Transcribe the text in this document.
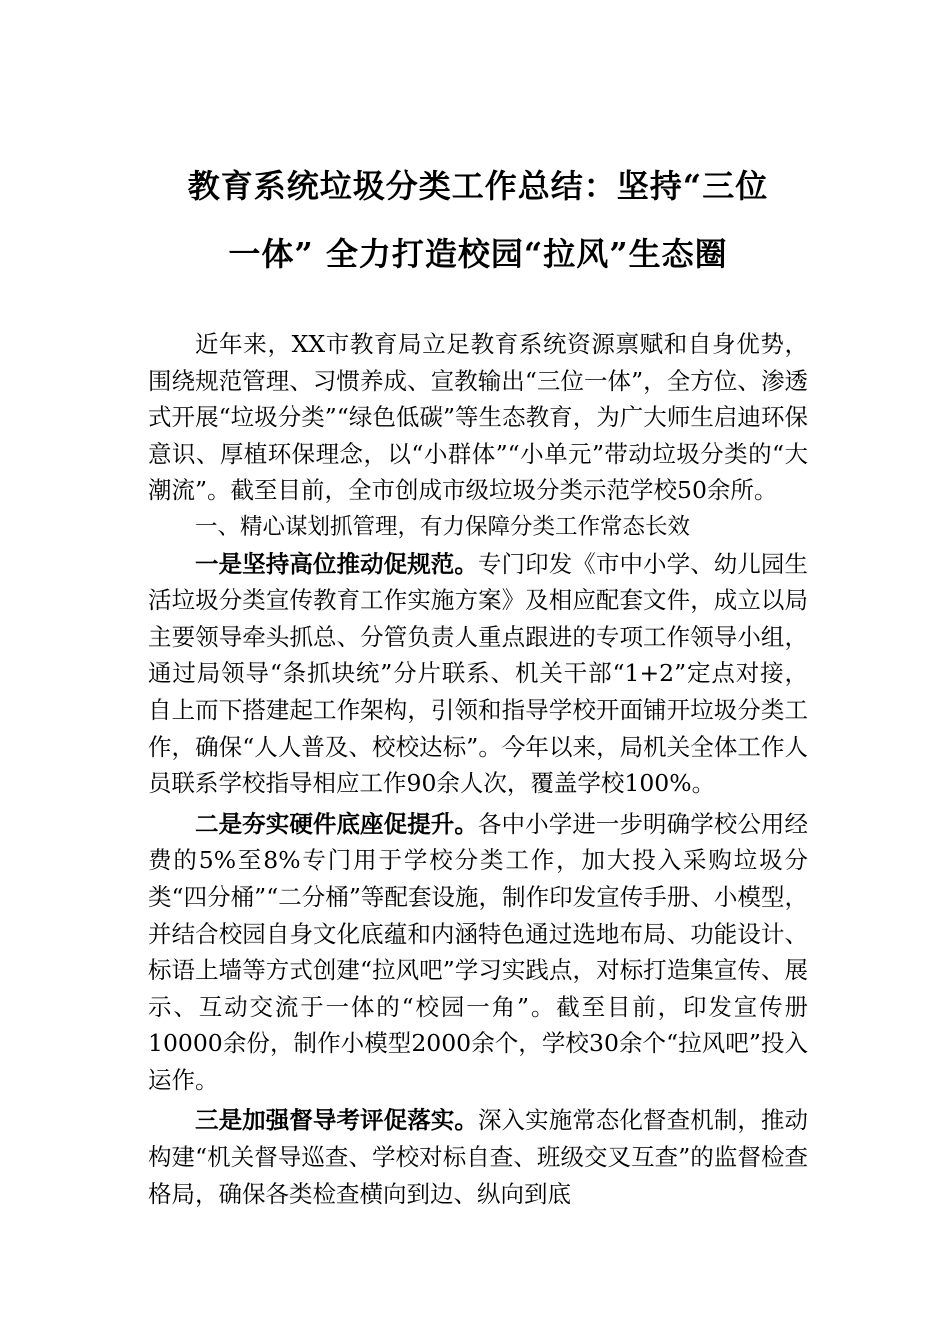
教育系统垃圾分类工作总结：坚持“三位
一体” 全力打造校园“拉风”生态圈

近年来，XX市教育局立足教育系统资源禀赋和自身优势，围绕规范管理、习惯养成、宣教输出“三位一体”，全方位、渗透式开展“垃圾分类”“绿色低碳”等生态教育，为广大师生启迪环保意识、厚植环保理念，以“小群体”“小单元”带动垃圾分类的“大潮流”。截至目前，全市创成市级垃圾分类示范学校50余所。

一、精心谋划抓管理，有力保障分类工作常态长效

一是坚持高位推动促规范。专门印发《市中小学、幼儿园生活垃圾分类宣传教育工作实施方案》及相应配套文件，成立以局主要领导牵头抓总、分管负责人重点跟进的专项工作领导小组，通过局领导“条抓块统”分片联系、机关干部“1+2”定点对接，自上而下搭建起工作架构，引领和指导学校开面铺开垃圾分类工作，确保“人人普及、校校达标”。今年以来，局机关全体工作人员联系学校指导相应工作90余人次，覆盖学校100%。

二是夯实硬件底座促提升。各中小学进一步明确学校公用经费的5%至8%专门用于学校分类工作，加大投入采购垃圾分类“四分桶”“二分桶”等配套设施，制作印发宣传手册、小模型，并结合校园自身文化底蕴和内涵特色通过选地布局、功能设计、标语上墙等方式创建“拉风吧”学习实践点，对标打造集宣传、展示、互动交流于一体的“校园一角”。截至目前，印发宣传册10000余份，制作小模型2000余个，学校30余个“拉风吧”投入运作。

三是加强督导考评促落实。深入实施常态化督查机制，推动构建“机关督导巡查、学校对标自查、班级交叉互查”的监督检查格局，确保各类检查横向到边、纵向到底
